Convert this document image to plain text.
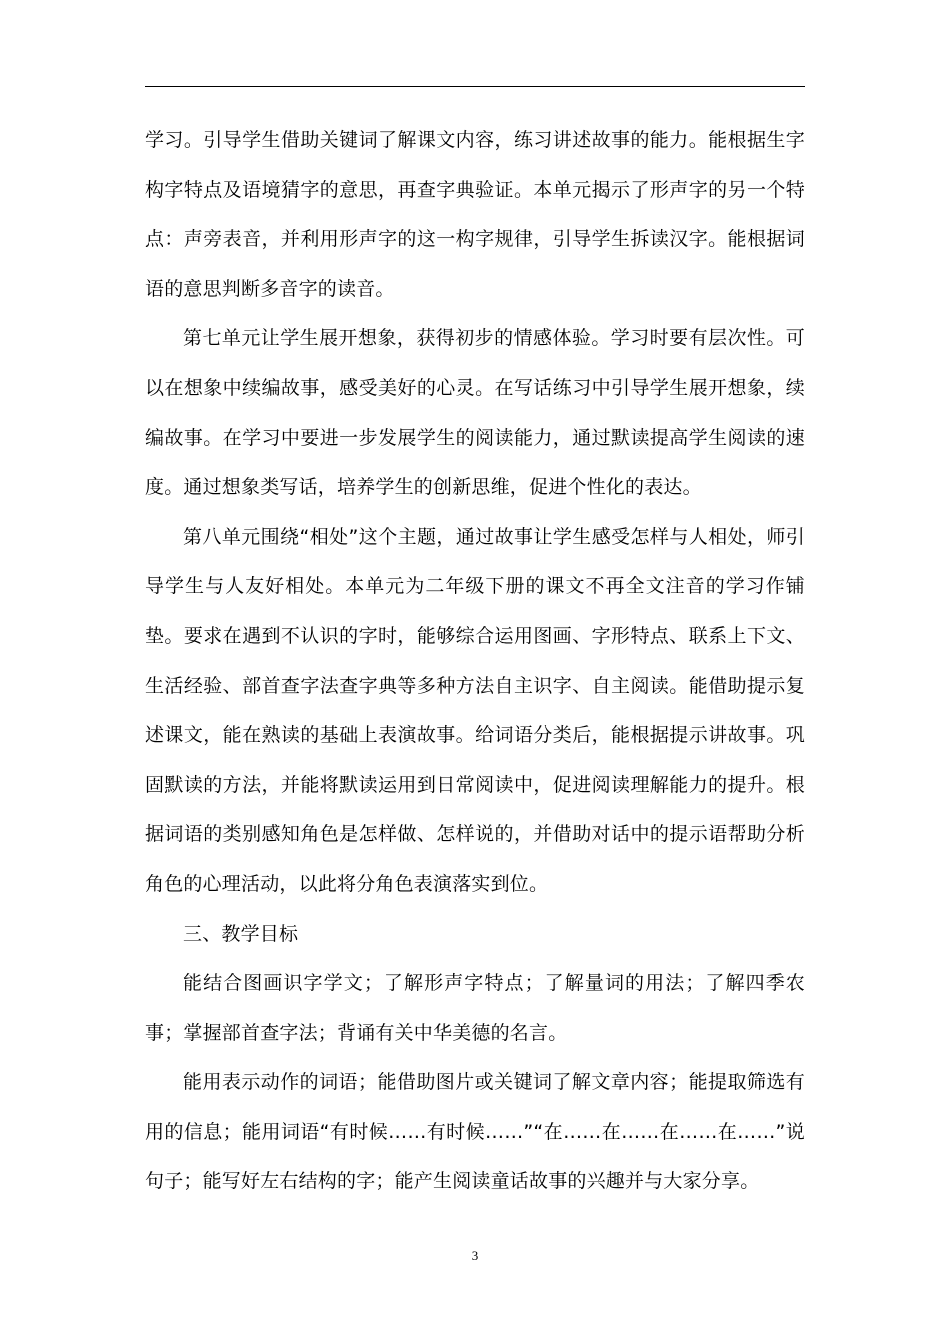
学习。引导学生借助关键词了解课文内容，练习讲述故事的能力。能根据生字构字特点及语境猜字的意思，再查字典验证。本单元揭示了形声字的另一个特点：声旁表音，并利用形声字的这一构字规律，引导学生拆读汉字。能根据词语的意思判断多音字的读音。

第七单元让学生展开想象，获得初步的情感体验。学习时要有层次性。可以在想象中续编故事，感受美好的心灵。在写话练习中引导学生展开想象，续编故事。在学习中要进一步发展学生的阅读能力，通过默读提高学生阅读的速度。通过想象类写话，培养学生的创新思维，促进个性化的表达。

第八单元围绕“相处”这个主题，通过故事让学生感受怎样与人相处，师引导学生与人友好相处。本单元为二年级下册的课文不再全文注音的学习作铺垫。要求在遇到不认识的字时，能够综合运用图画、字形特点、联系上下文、生活经验、部首查字法查字典等多种方法自主识字、自主阅读。能借助提示复述课文，能在熟读的基础上表演故事。给词语分类后，能根据提示讲故事。巩固默读的方法，并能将默读运用到日常阅读中，促进阅读理解能力的提升。根据词语的类别感知角色是怎样做、怎样说的，并借助对话中的提示语帮助分析角色的心理活动，以此将分角色表演落实到位。

三、教学目标

能结合图画识字学文；了解形声字特点；了解量词的用法；了解四季农事；掌握部首查字法；背诵有关中华美德的名言。

能用表示动作的词语；能借助图片或关键词了解文章内容；能提取筛选有用的信息；能用词语“有时候……有时候……”“在……在……在……在……”说句子；能写好左右结构的字；能产生阅读童话故事的兴趣并与大家分享。

3
